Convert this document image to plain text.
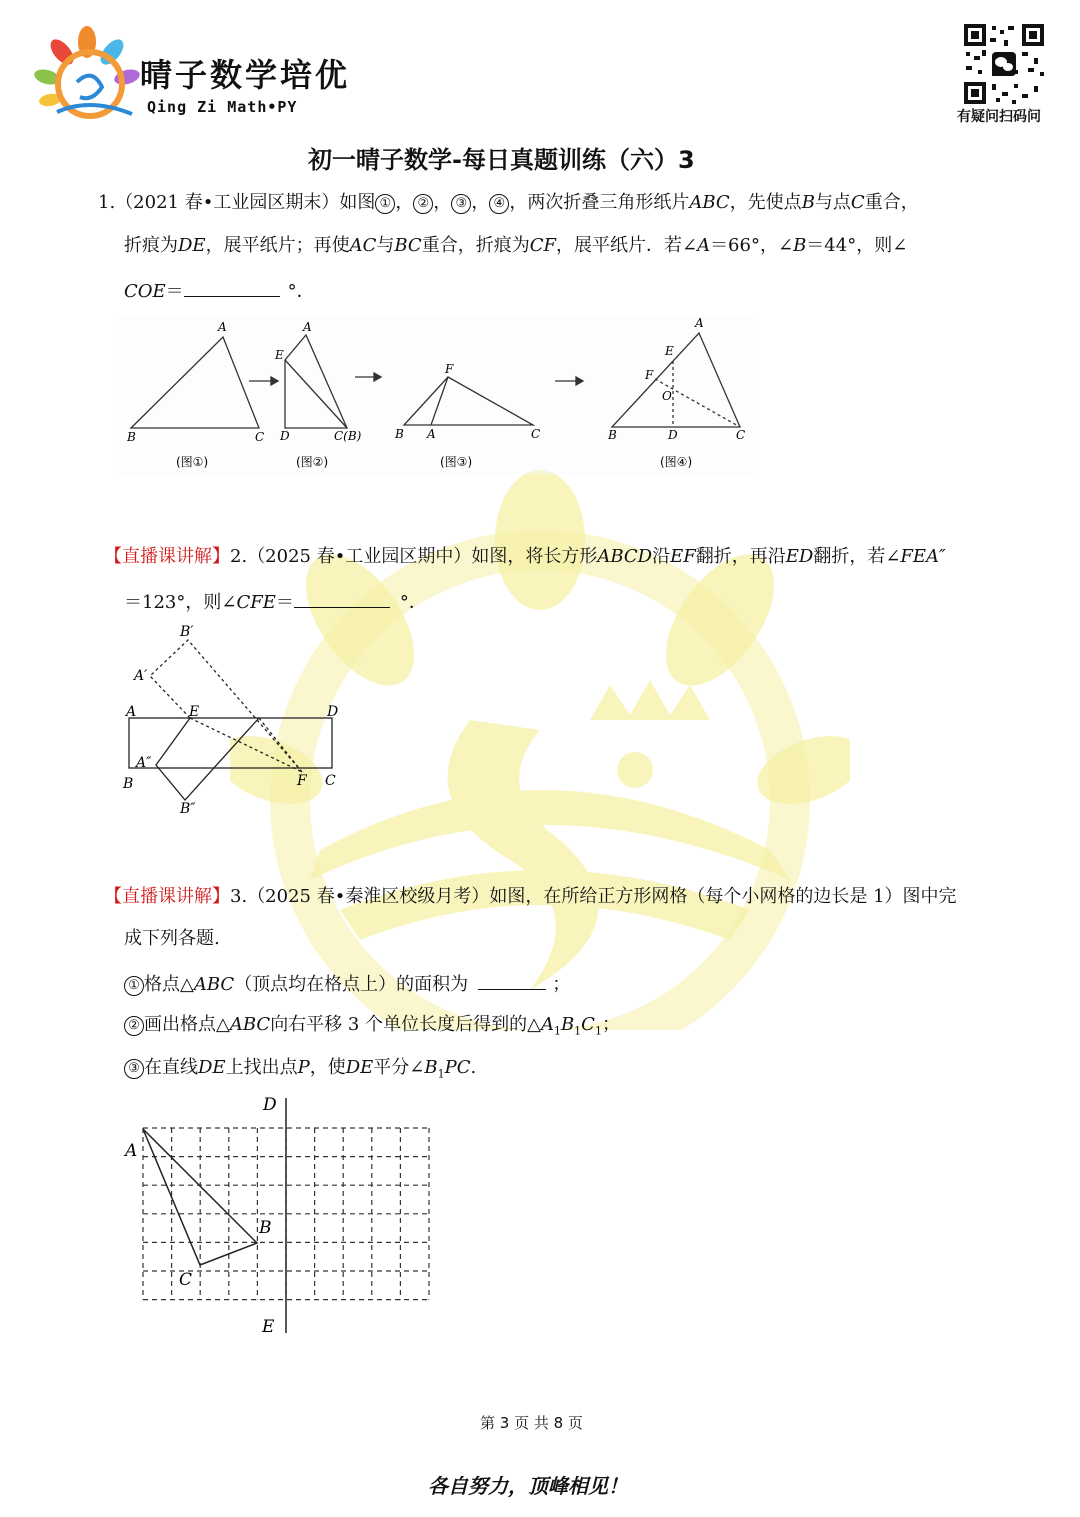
晴子数学培优
Qing Zi Math•PY
有疑问扫码问
初一晴子数学-每日真题训练（六）3
1.（2021 春•工业园区期末）如图 ① ， ② ， ③ ， ④ ，两次折叠三角形纸片ABC，先使点B与点C重合，
折痕为DE，展平纸片；再使AC与BC重合，折痕为CF，展平纸片．若∠A＝66°，∠B＝44°，则∠
COE＝	°．
A
B	C
A
E
D	C(B)
F
B A	C
A
E
F
O
B	D	C
(图①)	(图②)	(图③)	(图④)
【直播课讲解】2.（2025 春•工业园区期中）如图，将长方形ABCD沿EF翻折，再沿ED翻折，若∠FEA″
＝123°，则∠CFE＝	°．
B′
A′
A	E	D
A″
B	F C
B″
【直播课讲解】3.（2025 春•秦淮区校级月考）如图，在所给正方形网格（每个小网格的边长是 1）图中完
成下列各题.
① 格点△ABC（顶点均在格点上）的面积为	；
② 画出格点△ABC向右平移 3 个单位长度后得到的$\triangle A_1B_1C_1$；
③ 在直线DE上找出点P，使DE平分$\angle B_1PC$.
D
A
B
C
E
第 3 页 共 8 页
各自努力，顶峰相见！
